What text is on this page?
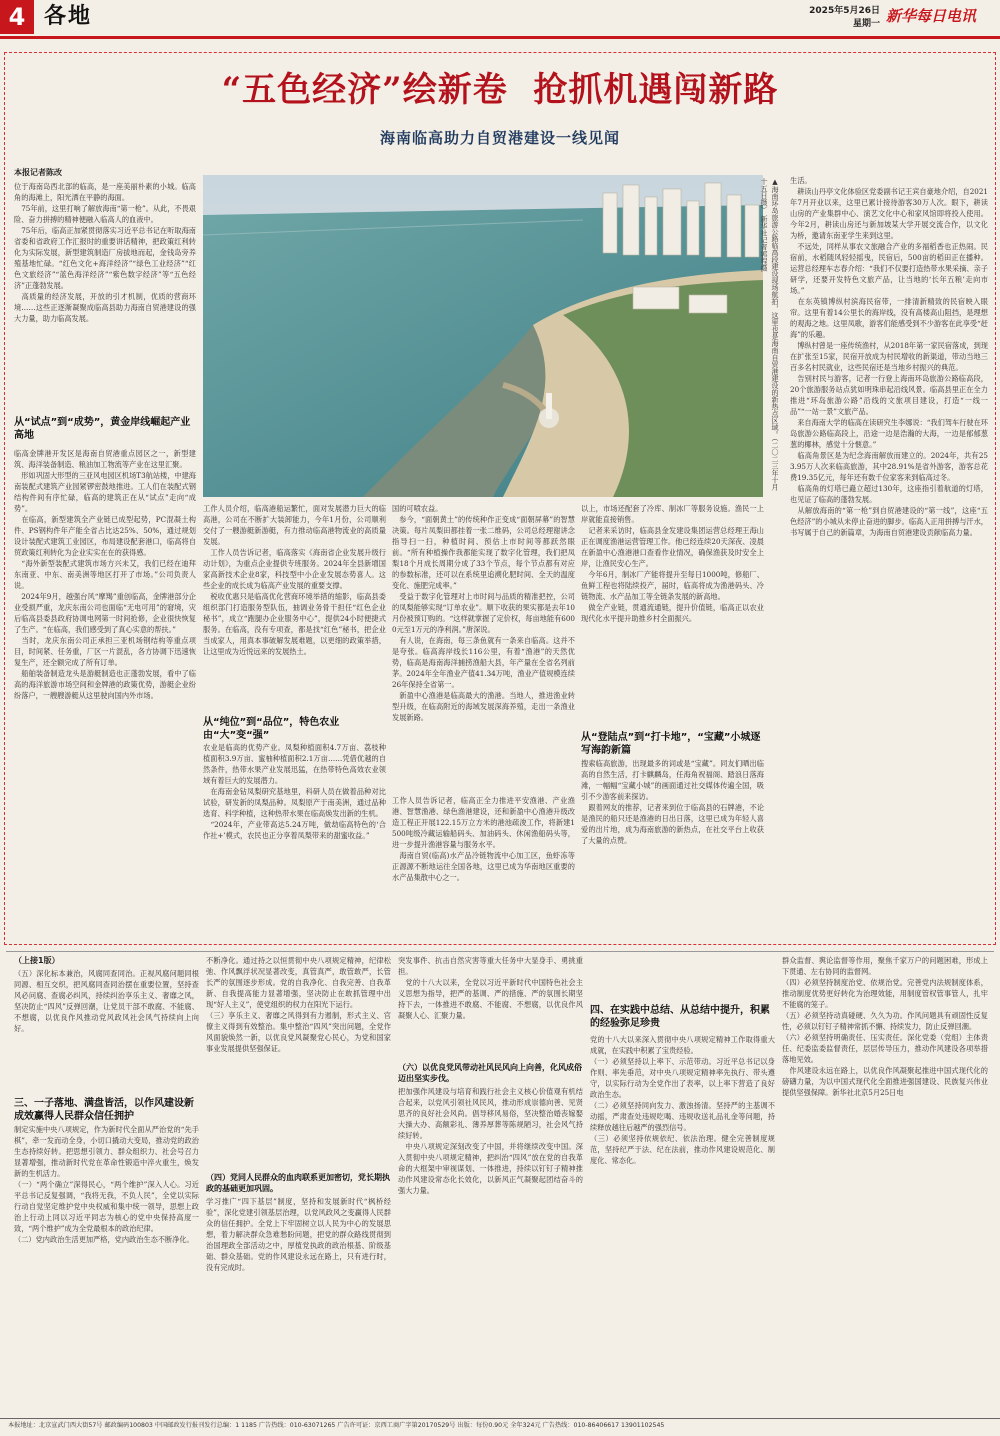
4 各地	2025年5月26日
星期一 新华每日电讯
“五色经济”绘新卷  抢抓机遇闯新路
海南临高助力自贸港建设一线见闻
本报记者陈改
位于海南岛西北部的临高，是一座美丽朴素的小城。临高角的海滩上，阳光洒在平静的海面。
　75年前，这里打响了解放海南“第一枪”。从此，不畏艰险、奋力拼搏的精神便融入临高人的血液中。
　75年后，临高正加紧贯彻落实习近平总书记在听取海南省委和省政府工作汇报时的重要讲话精神，把政策红利转化为实际发展，新型建筑制造厂房拔地而起，金钱岛旁养殖基地忙碌。“红色文化+海洋经济”“绿色工业经济”“红色文旅经济”“蓝色海洋经济”“紫色数字经济”等“五色经济”正蓬勃发展。
　高质量的经济发展，开放的引才机制，优质的营商环境……这些正逐渐凝聚成临高县助力海南自贸港建设的强大力量，助力临高发展。
从“试点”到“成势”，黄金岸线崛起产业高地
临高金牌港开发区是海南自贸港重点园区之一，新型建筑、海洋装备制造、粮油加工物流等产业在这里汇聚。
　形如巩固大形型的三亚风电园区机场T3航站楼，中建海南装配式建筑产业园紧锣密鼓地推进。工人们在装配式钢结构件间有序忙碌，临高的建筑正在从“试点”走向“成势”。
　在临高，新型建筑全产业链已成型起势，PC混凝土构件、PS钢构件年产能全省占比达25%、50%，通过规划设计装配式建筑工业园区，布局建设配套港口，临高将自贸政策红利转化为企业实实在在的获得感。
　“海外新型装配式建筑市场方兴未艾，我们已经在迪拜东南亚、中东、南美洲等地区打开了市场。”公司负责人说。
　2024年9月，越强台风“摩羯”重创临高，金牌港部分企业受损严重，龙庆东南公司也面临“无电可用”的窘境，灾后临高县委县政府协调电网第一时间抢修，企业很快恢复了生产。“在临高，我们感受到了真心实意的帮扶。”
　当时，龙庆东南公司正承担三亚机场钢结构等重点项目，时间紧、任务重，厂区一片混乱，各方协调下迅速恢复生产，还全额完成了所有订单。
　船舶装备制造龙头是游艇制造也正蓬勃发展，看中了临高的海洋旅游市场空间和金牌港的政策优势，游艇企业纷纷落户，一艘艘游艇从这里驶向国内外市场。
▲海南环岛旅游公路临高段建设现场航拍，这里也是海南自贸港建设的新热点区域。（二〇二三年十月十五日摄） 新华社记者郭程摄
工作人员介绍，临高港船运繁忙，面对发展潜力巨大的临高港，公司在不断扩大装卸能力，今年1月份，公司顺利交付了一艘游艇新游艇，有力推动临高港物流业的高质量发展。
　工作人员告诉记者，临高落实《海南省企业发展升级行动计划》，为重点企业提供专班服务。2024年全县新增国家高新技术企业8家，科技型中小企业发展态势喜人。这些企业的成长成为临高产业发展的重要支撑。
　税收优惠只是临高优化营商环境举措的缩影，临高县委组织部门打造服务型队伍，抽调业务骨干担任“红色企业秘书”，成立“跑腿办企业服务中心”，提供24小时便捷式服务。在临高，没有专项查，都是找“红色”秘书，把企业当成家人，用真本事破解发展难题，以更细的政策举措，让这里成为近悦远来的发展热土。
从“纯位”到“品位”，特色农业由“大”变“强”
农业是临高的优势产业。凤梨种植面积4.7万亩、荔枝种植面积3.9万亩、蜜柚种植面积2.1万亩……凭借优越的自然条件，热带水果产业发展迅猛，在热带特色高效农业领域有着巨大的发展潜力。
　在海南金钻凤梨研究基地里，科研人员在做着品种对比试验，研发新的凤梨品种。凤梨原产于南美洲，通过品种选育、科学种植，这种热带水果在临高焕发出新的生机。
　“2024年，产业带高达5.24万吨，做劫临高特色的‘合作社+’模式，农民也正分享着凤梨带来的甜蜜收益。”
国的可喷农益。
　参今，“面朝黄土”的传统种作正变成“面朝屏幕”的智慧决策。每片凤梨田都挂着一张二维码，公司总经理谢讲念指导扫一扫，种植时间、预估上市时间等都跃然眼前。“所有种植操作我都能实现了数字化管理，我们把凤梨18个月成长周期分成了33个节点，每个节点都有对应的参数标准，还可以在系统里追溯化肥时间、全天的温度变化、施肥完成率。”
　受益于数字化管理对上市时间与品质的精准把控，公司的凤梨能够实现“订单农业”。顺下收获的果实都是去年10月份被预订购的。“这样就掌握了定价权，每亩地能有6000元至1万元的净利润。”唐深说。
　有人说，在海南，每三条鱼就有一条来自临高。这并不是夸张。临高海岸线长116公里，有着“渔港”的天然优势，临高是海南海洋捕捞渔船大县，年产量在全省名列前茅。2024年全年渔业产值41.34万吨，渔业产值规模连续26年保持全省第一。
　新盈中心渔港是临高最大的渔港。当地人，推进渔业转型升级，在临高附近的海域发展深海养殖，走出一条渔业发展新路。
工作人员告诉记者，临高正全力推进平安渔港、产业渔港、智慧渔港、绿色渔港建设，还和新盈中心渔港升级改造工程正开展122.15万立方米的港池疏浚工作，将新建1500吨级冷藏运输船码头、加油码头、休闲渔船码头等，进一步提升渔港容量与服务水平。
　海南自贸(临高)水产品冷链物流中心加工区，鱼虾冻等正源源不断地运往全国各地，这里已成为华南地区重要的水产品集散中心之一。
以上，市场还配套了冷库、制冰厂等服务设施。渔民一上岸就能直接销售。
　记者来采访时，临高县金发建设集团运营总经理王海山正在调度渔港运营管理工作。他已经连续20天深夜、凌晨在新盈中心渔港港口查看作业情况，确保渔获及时安全上岸，让渔民安心生产。
　今年6月，制冰厂产能将提升至每日1000吨，修船厂、鱼鲜工程也将陆续投产，届时，临高将成为渔港码头、冷链物流、水产品加工等全链条发展的新高地。
　做全产业链，贯通流通链，提升价值链，临高正以农业现代化水平提升助推乡村全面振兴。
从“登陆点”到“打卡地”，“宝藏”小城逐写海韵新篇
搜索临高旅游，出现最多的词或是“宝藏”。同友们晒出临高的自然生活，打卡麒麟岛，任海角祝福阁、踏浪日落海滩，一幅幅“宝藏小城”的画面通过社交媒体传遍全国，吸引不少游客前来探访。
　跟着网友的推荐，记者来到位于临高县的石牌港，不论是渔民的船只还是渔港的日出日落，这里已成为年轻人喜爱的出片地，成为海南旅游的新热点，在社交平台上收获了大量的点赞。
生活。
　耕读山丹亭文化体验区党委副书记王宾自豪地介绍，自2021年7月开业以来，这里已累计接待游客30万人次。眼下，耕读山房的产业集群中心、演艺文化中心和家风馆即将投入使用。今年2月，耕读山房还与新加坡某大学开展交流合作，以文化为桥，邀请东南亚学生来到这里。
　不远处，同样从事农文旅融合产业的多福稻香也正热闹。民宿前，水稻随风轻轻摇曳，民宿后，500亩的稻田正在播种。运营总经理车志春介绍：“我们不仅要打造热带水果采摘、亲子研学，还要开发特色文旅产品，让当地的‘长年五粮’走向市场。”
　在东英镇博纵村滨海民宿带，一排清新精致的民宿映入眼帘。这里有着14公里长的海岸线，没有高楼高山阻挡，是理想的观海之地。这里凤歌，游客们能感受到不少游客在此享受“赶海”的乐趣。
　博纵村曾是一座传统渔村，从2018年第一家民宿落成，到现在扩张至15家，民宿开放成为村民增收的新渠道，带动当地三百多名村民就业，这些民宿还是当地乡村振兴的典范。
　告别村民与游客，记者一行登上海南环岛旅游公路临高段，20个旅游服务站点犹如明珠串起沿线风景。临高县里正在全力推进“环岛旅游公路”沿线的文旅项目建设，打造“一线一品”“一站一景”文旅产品。
　来自海南大学的临高在读研究生李娜说：“我们驾车行驶在环岛旅游公路临高段上，沿途一边是浩瀚的大海，一边是郁郁葱葱的椰林，感觉十分惬意。”
　临高角景区是为纪念海南解放而建立的。2024年，共有253.95万人次来临高旅游，其中28.91%是省外游客，游客总花费19.35亿元，每年还有数千位家客来到临高过冬。
　临高角的灯塔已矗立超过130年，这座指引着航道的灯塔，也见证了临高的蓬勃发展。
　从解放海南的“第一枪”到自贸港建设的“第一线”，这座“五色经济”的小城从未停止奋进的脚步。临高人正用拼搏与汗水，书写属于自己的新篇章，为海南自贸港建设贡献临高力量。
（上接1版）
（五）深化标本兼治，风腐同查同治。正视风腐问题同根同源、相互交织，把风腐同查同治摆在重要位置，坚持查风必问腐、查腐必纠风，持续纠治享乐主义、奢靡之风，坚决防止“四风”反弹回潮，让党员干部不敢腐、不能腐、不想腐，以优良作风推动党风政风社会风气持续向上向好。
三、一子落地、满盘皆活，以作风建设新成效赢得人民群众信任拥护
制定实施中央八项规定，作为新时代全面从严治党的“先手棋”，牵一发而动全身，小切口撬动大变局，推动党的政治生态持续好转。把思想引领力、群众组织力、社会号召力显著增强，推动新时代党在革命性锻造中淬火重生，焕发新的生机活力。
（一）“两个确立”深得民心，“两个维护”深入人心。习近平总书记反复强调，“我将无我，不负人民”，全党以实际行动自觉坚定维护党中央权威和集中统一领导，思想上政治上行动上同以习近平同志为核心的党中央保持高度一致，“两个维护”成为全党最根本的政治纪律。
（二）党内政治生活更加严格，党内政治生态不断净化。
不断净化。通过持之以恒贯彻中央八项规定精神，纪律松弛、作风飘浮状况显著改变，真管真严，敢管敢严，长管长严的氛围逐步形成。党的自我净化、自我完善、自我革新、自我提高能力显著增强，坚决防止在敢抓管理中出现“好人主义”，使党组织的权力在阳光下运行。
（三）享乐主义、奢靡之风得到有力遏制，形式主义、官僚主义得到有效整治。集中整治“四风”突出问题，全党作风面貌焕然一新，以优良党风凝聚党心民心，为党和国家事业发展提供坚强保证。
（四）党同人民群众的血肉联系更加密切，党长期执政的基础更加巩固。
学习推广“四下基层”制度，坚持和发展新时代“枫桥经验”，深化党建引领基层治理，以党风政风之变赢得人民群众的信任拥护。全党上下牢固树立以人民为中心的发展思想，着力解决群众急难愁盼问题，把党的群众路线贯彻到治国理政全部活动之中，厚植党执政的政治根基、阶级基础、群众基础。党的作风建设永远在路上，只有进行时，没有完成时。
突发事件、抗击自然灾害等重大任务中大显身手、勇挑重担。
　党的十八大以来，全党以习近平新时代中国特色社会主义思想为指导，把严的基调、严的措施、严的氛围长期坚持下去，一体推进不敢腐、不能腐、不想腐，以优良作风凝聚人心、汇聚力量。
（六）以优良党风带动社风民风向上向善，化风成俗迈出坚实步伐。
把加强作风建设与培育和践行社会主义核心价值观有机结合起来，以党风引领社风民风，推动形成崇德向善、见贤思齐的良好社会风尚。倡导移风易俗，坚决整治婚丧嫁娶大操大办、高额彩礼、薄养厚葬等陈规陋习，社会风气持续好转。
　中央八项规定深刻改变了中国，并将继续改变中国。深入贯彻中央八项规定精神，把纠治“四风”放在党的自我革命的大框架中审视谋划、一体推进，持续以钉钉子精神推动作风建设常态化长效化，以新风正气凝聚起团结奋斗的强大力量。
四、在实践中总结、从总结中提升，积累的经验弥足珍贵
党的十八大以来深入贯彻中央八项规定精神工作取得重大成就，在实践中积累了宝贵经验。
（一）必须坚持以上率下、示范带动。习近平总书记以身作则、率先垂范，对中央八项规定精神率先执行、带头遵守，以实际行动为全党作出了表率，以上率下营造了良好政治生态。
（二）必须坚持同向发力、激浊扬清。坚持严的主基调不动摇，严肃查处违规吃喝、违规收送礼品礼金等问题，持续释放越往后越严的强烈信号。
（三）必须坚持依规依纪、依法治理。健全完善制度规范，坚持纪严于法、纪在法前，推动作风建设规范化、制度化、常态化。
群众监督、舆论监督等作用，聚焦千家万户的问题困难，形成上下贯通、左右协同的监督网。
（四）必须坚持制度治党、依规治党。完善党内法规制度体系，推动制度优势更好转化为治理效能，用制度管权管事管人，扎牢不能腐的笼子。
（五）必须坚持动真碰硬、久久为功。作风问题具有顽固性反复性，必须以钉钉子精神常抓不懈、持续发力，防止反弹回潮。
（六）必须坚持明确责任、压实责任。深化党委（党组）主体责任、纪委监委监督责任，层层传导压力，推动作风建设各项举措落地见效。
　作风建设永远在路上，以优良作风凝聚起推进中国式现代化的磅礴力量，为以中国式现代化全面推进强国建设、民族复兴伟业提供坚强保障。新华社北京5月25日电
本报地址：北京宣武门西大街57号 邮政编码100803 中国邮政发行报刊发行总编：1 1185 广告热线：010-63071265 广告许可证：京西工商广字第20170529号 出版：每份0.90元 全年324元 广告热线：010-86406617 13901102545
